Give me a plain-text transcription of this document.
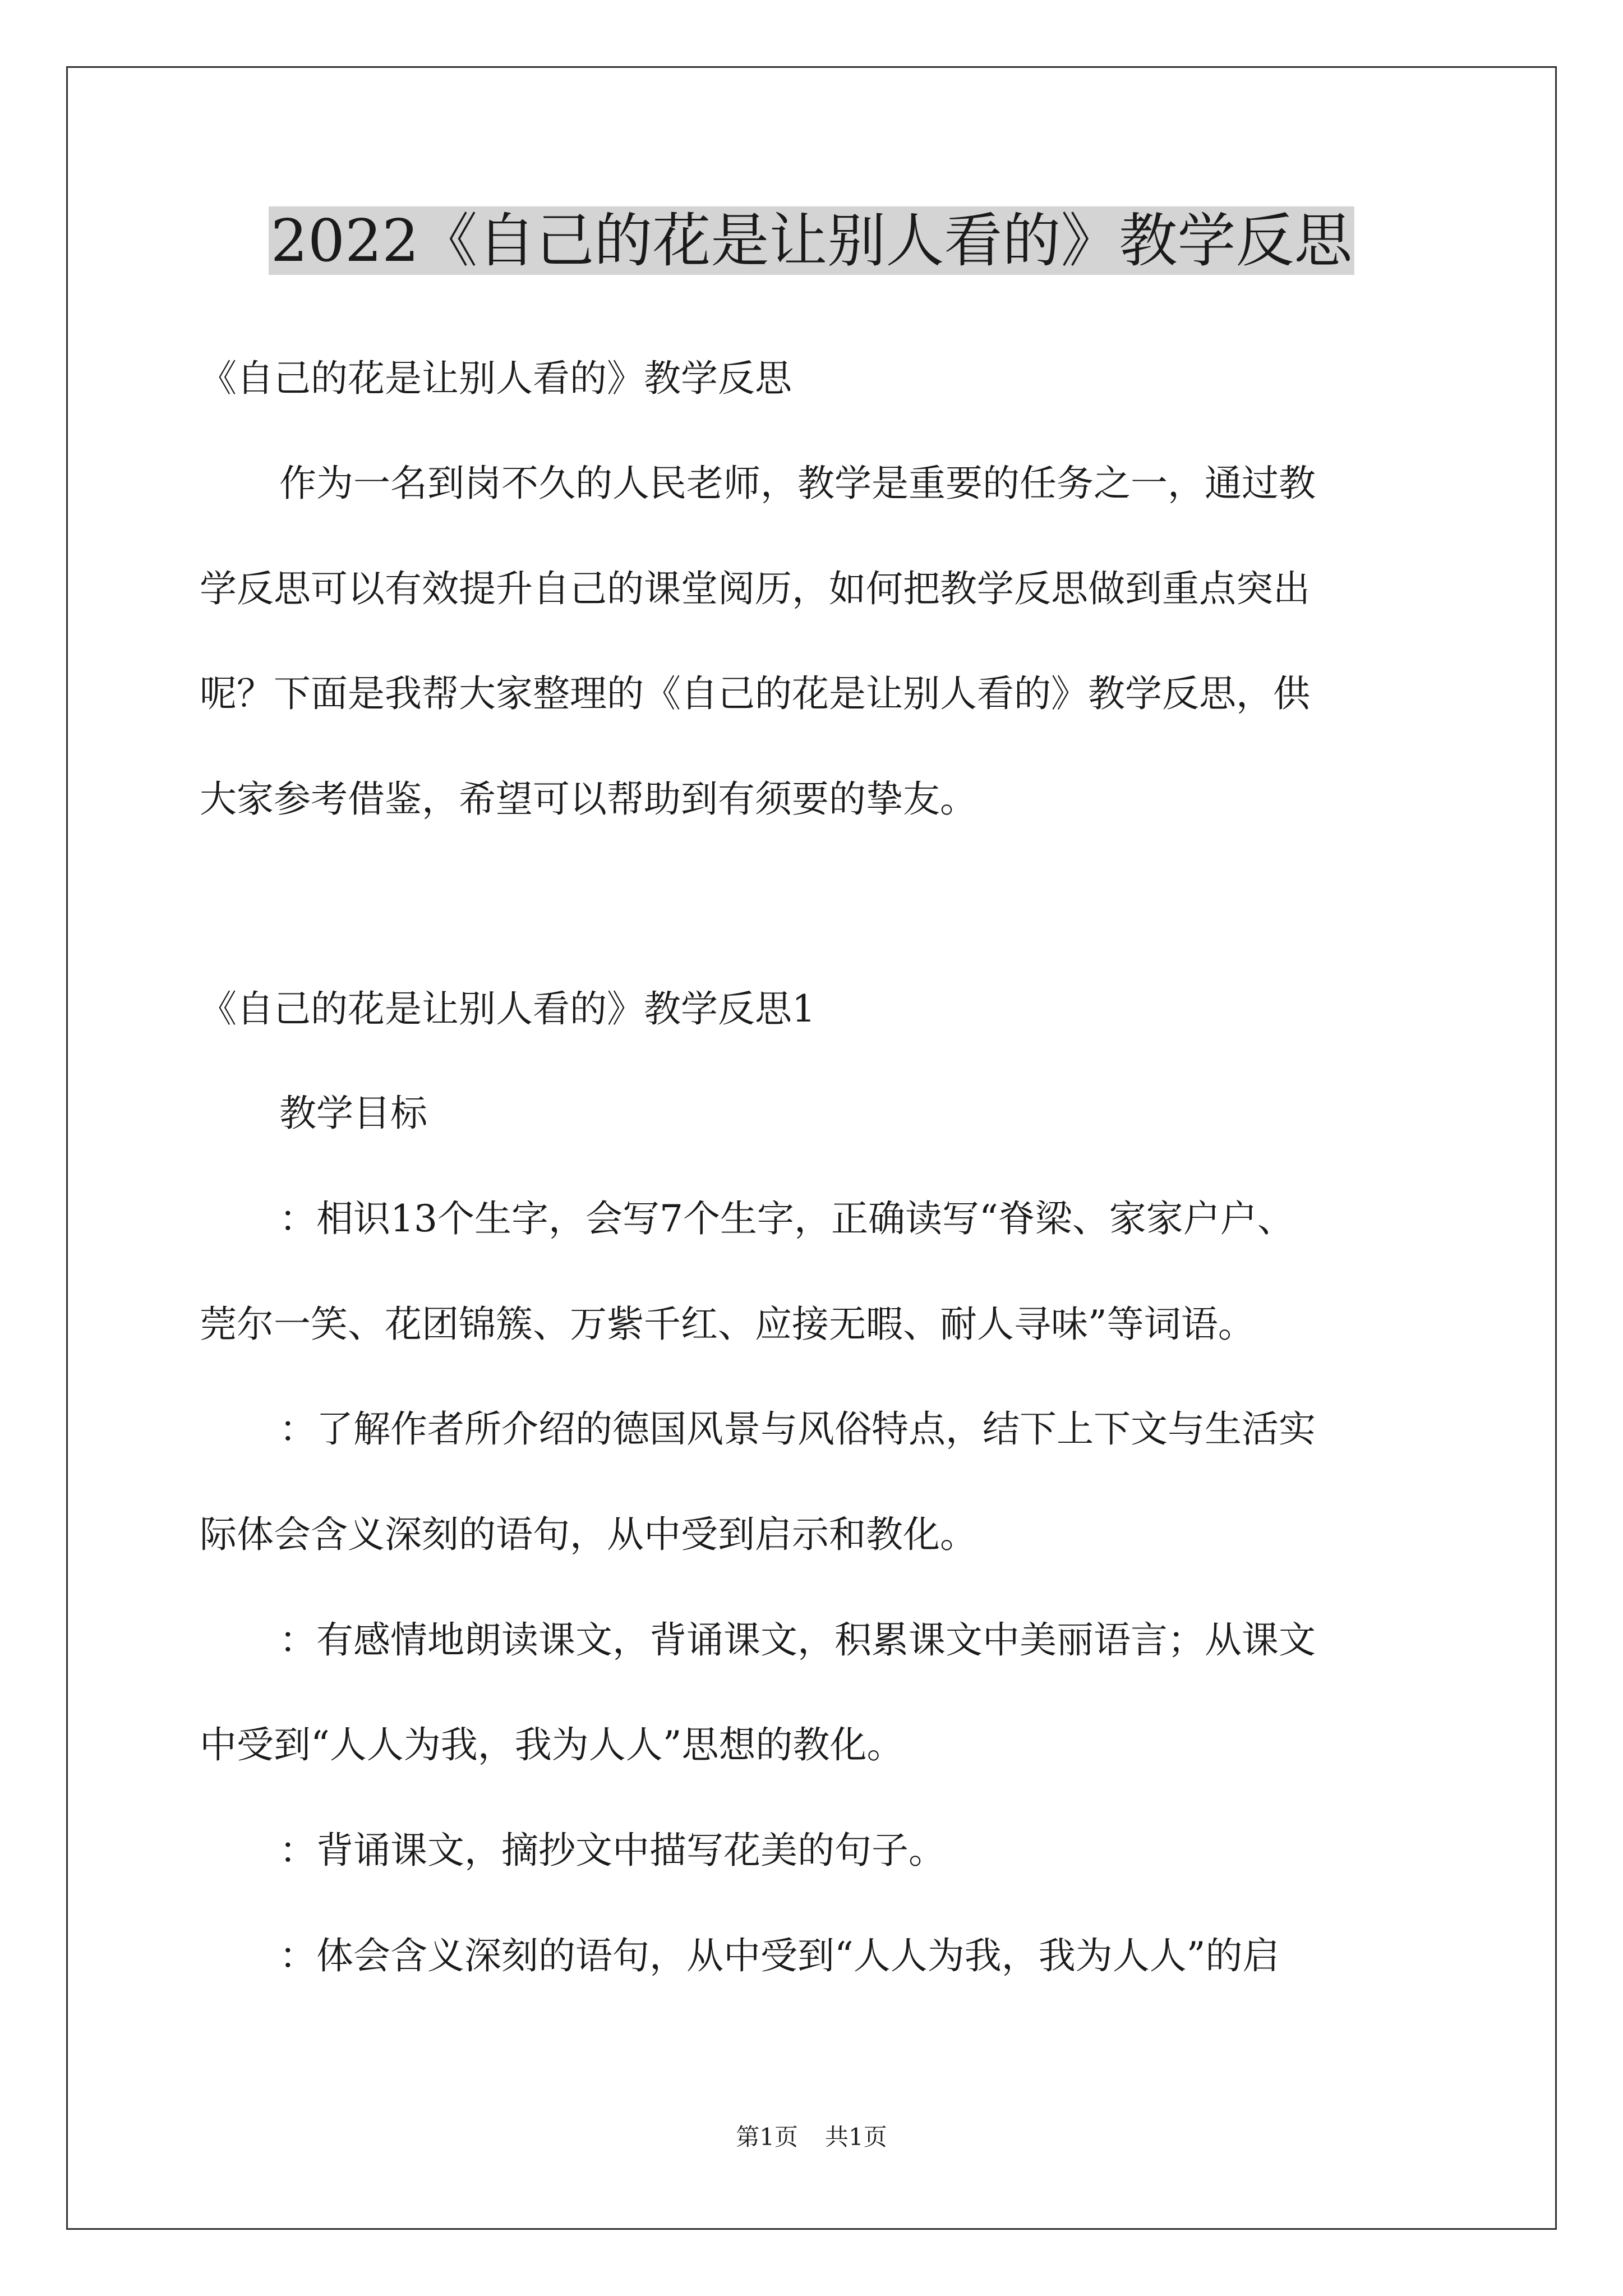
2022《自己的花是让别人看的》教学反思

《自己的花是让别人看的》教学反思

作为一名到岗不久的人民老师，教学是重要的任务之一，通过教

学反思可以有效提升自己的课堂阅历，如何把教学反思做到重点突出

呢？下面是我帮大家整理的《自己的花是让别人看的》教学反思，供

大家参考借鉴，希望可以帮助到有须要的挚友。

《自己的花是让别人看的》教学反思1

教学目标

：相识13个生字，会写7个生字，正确读写“脊梁、家家户户、

莞尔一笑、花团锦簇、万紫千红、应接无暇、耐人寻味”等词语。

：了解作者所介绍的德国风景与风俗特点，结下上下文与生活实

际体会含义深刻的语句，从中受到启示和教化。

：有感情地朗读课文，背诵课文，积累课文中美丽语言；从课文

中受到“人人为我，我为人人”思想的教化。

：背诵课文，摘抄文中描写花美的句子。

：体会含义深刻的语句，从中受到“人人为我，我为人人”的启

第1页 共1页
